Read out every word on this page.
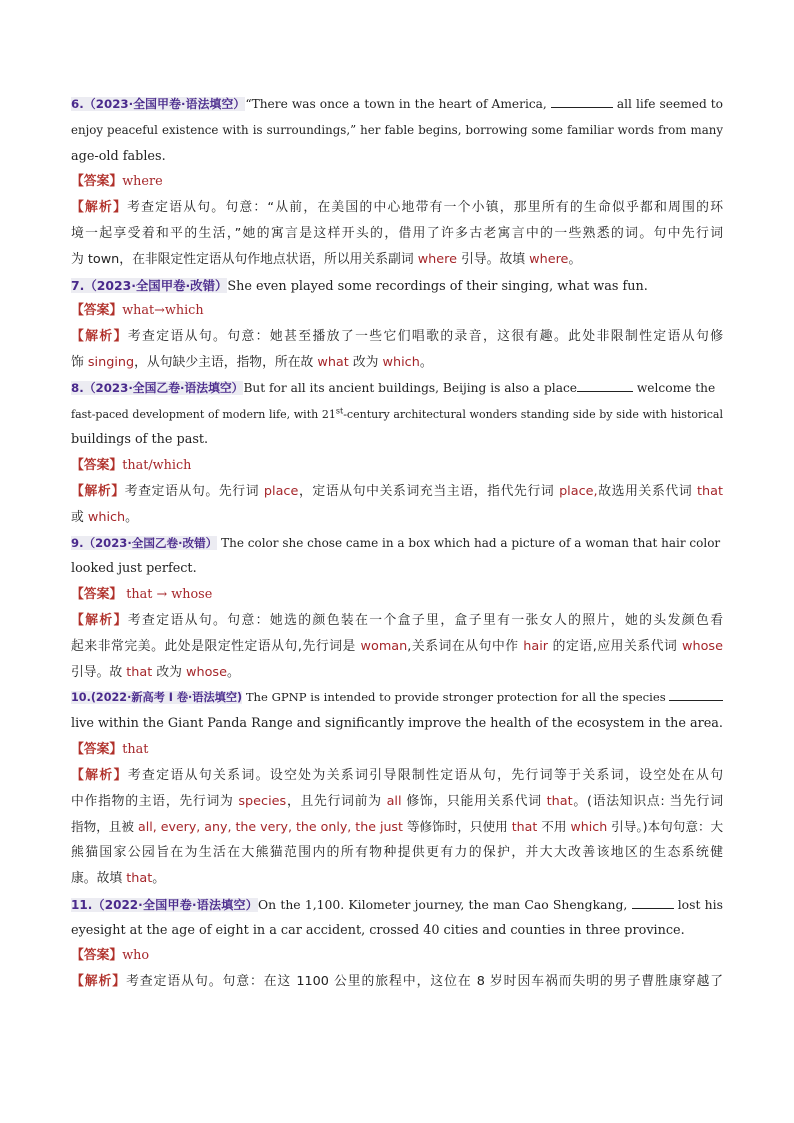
6.（2023·全国甲卷·语法填空）“There was once a town in the heart of America,	all life seemed to
enjoy peaceful existence with is surroundings,” her fable begins, borrowing some familiar words from many
age-old fables.
【答案】where
【解析】考查定语从句。句意：“从前，在美国的中心地带有一个小镇，那里所有的生命似乎都和周围的环
境一起享受着和平的生活，”她的寓言是这样开头的，借用了许多古老寓言中的一些熟悉的词。句中先行词
为 town，在非限定性定语从句作地点状语，所以用关系副词 where 引导。故填 where。
7.（2023·全国甲卷·改错）She even played some recordings of their singing, what was fun.
【答案】what→which
【解析】考查定语从句。句意：她甚至播放了一些它们唱歌的录音，这很有趣。此处非限制性定语从句修
饰 singing，从句缺少主语，指物，所在故 what 改为 which。
8.（2023·全国乙卷·语法填空）But for all its ancient buildings, Beijing is also a place	welcome the
fast-paced development of modern life, with 21st-century architectural wonders standing side by side with historical
buildings of the past.
【答案】that/which
【解析】考查定语从句。先行词 place，定语从句中关系词充当主语，指代先行词 place,故选用关系代词 that
或 which。
9.（2023·全国乙卷·改错） The color she chose came in a box which had a picture of a woman that hair color
looked just perfect.
【答案】 that → whose
【解析】考查定语从句。句意：她选的颜色装在一个盒子里，盒子里有一张女人的照片，她的头发颜色看
起来非常完美。此处是限定性定语从句,先行词是 woman,关系词在从句中作 hair 的定语,应用关系代词 whose
引导。故 that 改为 whose。
10.(2022·新高考 I 卷·语法填空) The GPNP is intended to provide stronger protection for all the species
live within the Giant Panda Range and significantly improve the health of the ecosystem in the area.
【答案】that
【解析】考查定语从句关系词。设空处为关系词引导限制性定语从句，先行词等于关系词，设空处在从句
中作指物的主语，先行词为 species，且先行词前为 all 修饰，只能用关系代词 that。(语法知识点: 当先行词
指物，且被 all, every, any, the very, the only, the just 等修饰时，只使用 that 不用 which 引导。)本句句意：大
熊猫国家公园旨在为生活在大熊猫范围内的所有物种提供更有力的保护，并大大改善该地区的生态系统健
康。故填 that。
11.（2022·全国甲卷·语法填空）On the 1,100. Kilometer journey, the man Cao Shengkang,	lost his
eyesight at the age of eight in a car accident, crossed 40 cities and counties in three province.
【答案】who
【解析】考查定语从句。句意：在这 1100 公里的旅程中，这位在 8 岁时因车祸而失明的男子曹胜康穿越了
